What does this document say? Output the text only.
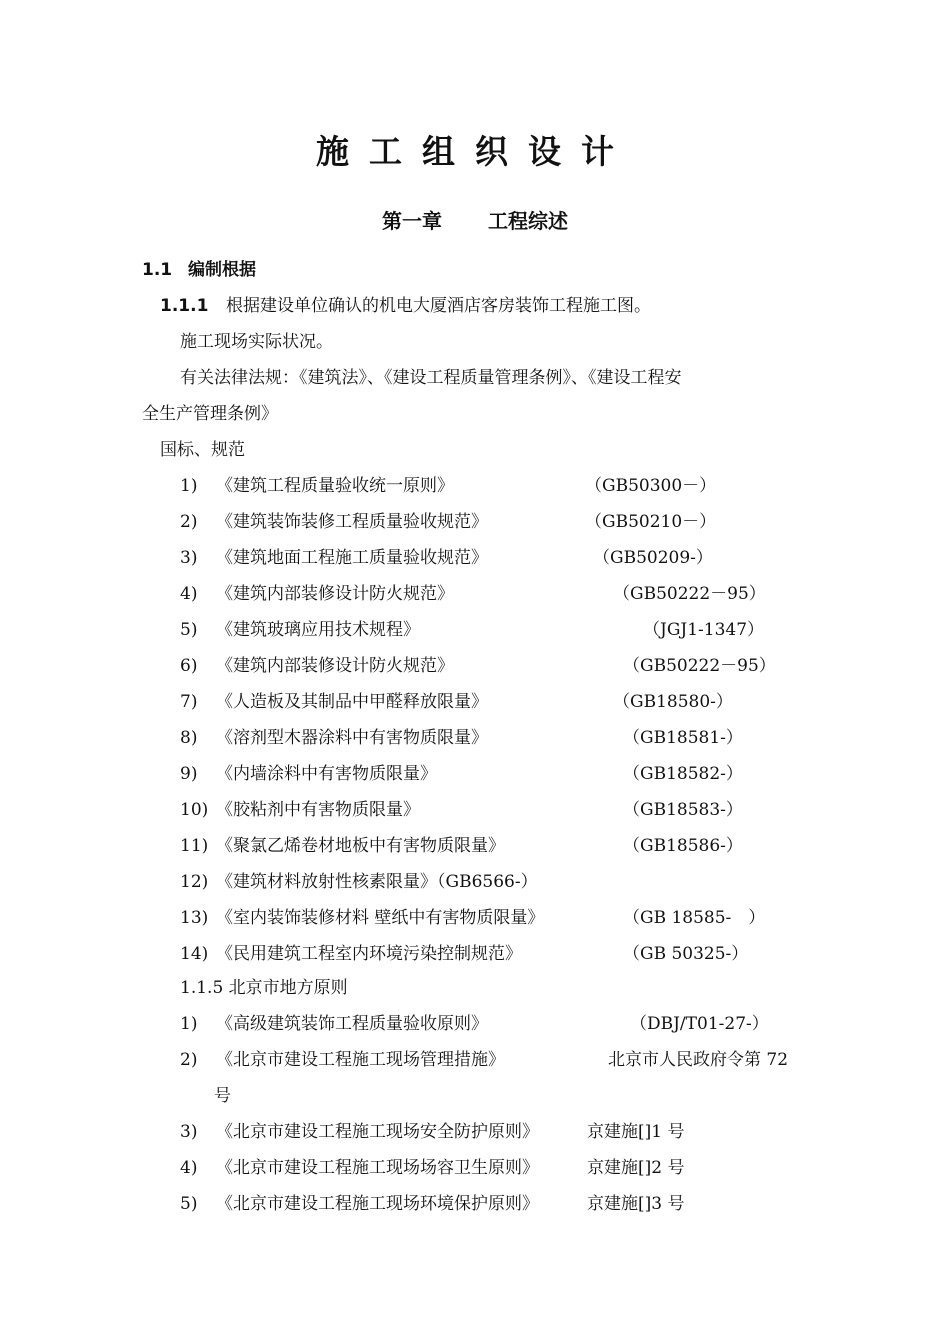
施工组织设计
第一章 工程综述
1.1 编制根据
1.1.1 根据建设单位确认的机电大厦酒店客房装饰工程施工图。
施工现场实际状况。
有关法律法规：《建筑法》、《建设工程质量管理条例》、《建设工程安
全生产管理条例》
国标、规范
1) 《建筑工程质量验收统一原则》	（GB50300－）
2) 《建筑装饰装修工程质量验收规范》	（GB50210－）
3) 《建筑地面工程施工质量验收规范》	（GB50209-）
4) 《建筑内部装修设计防火规范》	（GB50222－95）
5) 《建筑玻璃应用技术规程》	（JGJ1-1347）
6) 《建筑内部装修设计防火规范》	（GB50222－95）
7) 《人造板及其制品中甲醛释放限量》	（GB18580-）
8) 《溶剂型木器涂料中有害物质限量》	（GB18581-）
9) 《内墙涂料中有害物质限量》	（GB18582-）
10) 《胶粘剂中有害物质限量》	（GB18583-）
11) 《聚氯乙烯卷材地板中有害物质限量》	（GB18586-）
12) 《建筑材料放射性核素限量》（GB6566-）
13) 《室内装饰装修材料 壁纸中有害物质限量》	（GB 18585-　）
14) 《民用建筑工程室内环境污染控制规范》	（GB 50325-）
1.1.5 北京市地方原则
1) 《高级建筑装饰工程质量验收原则》	（DBJ/T01-27-）
2) 《北京市建设工程施工现场管理措施》	北京市人民政府令第 72
号
3) 《北京市建设工程施工现场安全防护原则》	京建施[]1 号
4) 《北京市建设工程施工现场场容卫生原则》	京建施[]2 号
5) 《北京市建设工程施工现场环境保护原则》	京建施[]3 号
